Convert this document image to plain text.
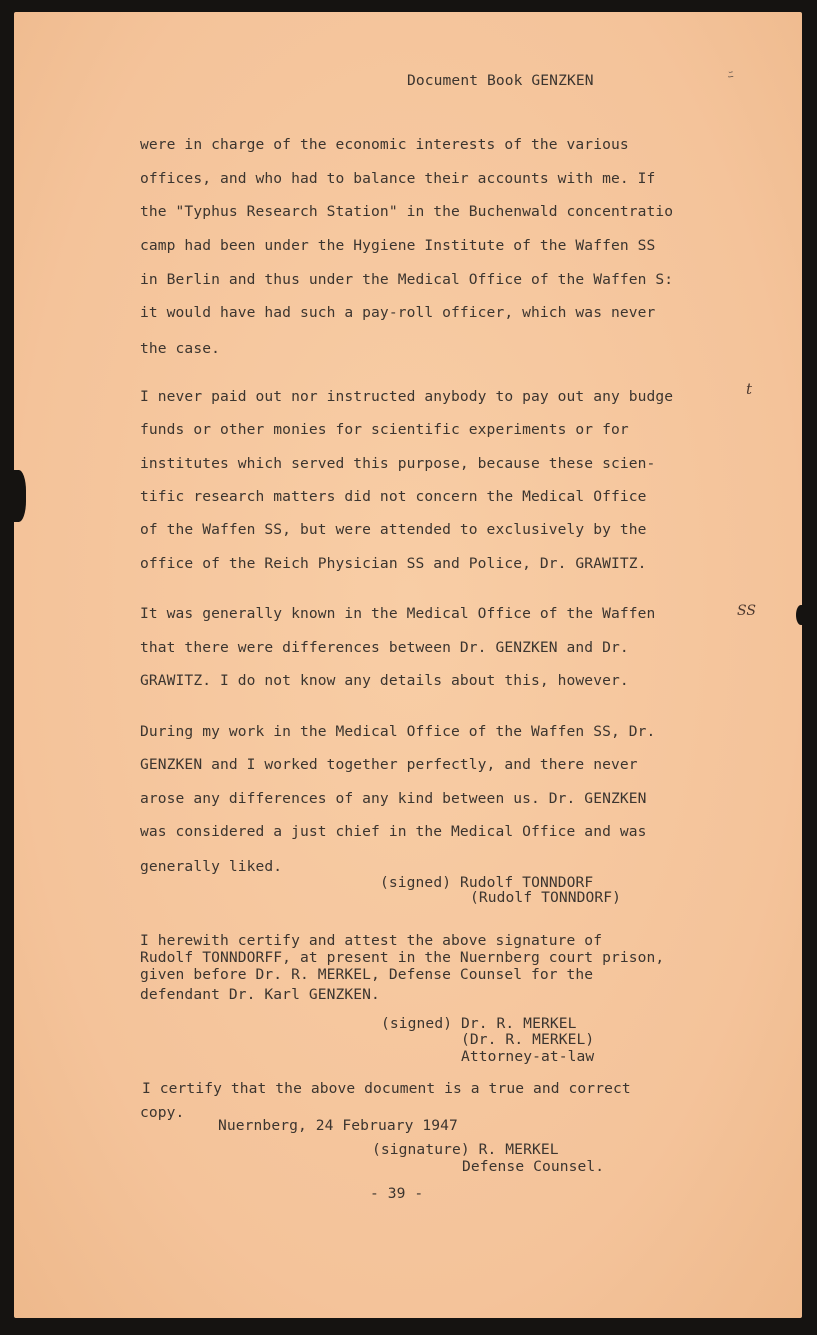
Document Book GENZKEN	ﾆ
were in charge of the economic interests of the various
offices, and who had to balance their accounts with me. If
the "Typhus Research Station" in the Buchenwald concentratio
camp had been under the Hygiene Institute of the Waffen SS
in Berlin and thus under the Medical Office of the Waffen S:
it would have had such a pay-roll officer, which was never
the case.
I never paid out nor instructed anybody to pay out any budge	t
funds or other monies for scientific experiments or for
institutes which served this purpose, because these scien-
tific research matters did not concern the Medical Office
of the Waffen SS, but were attended to exclusively by the
office of the Reich Physician SS and Police, Dr. GRAWITZ.
It was generally known in the Medical Office of the Waffen	SS
that there were differences between Dr. GENZKEN and Dr.
GRAWITZ. I do not know any details about this, however.
During my work in the Medical Office of the Waffen SS, Dr.
GENZKEN and I worked together perfectly, and there never
arose any differences of any kind between us. Dr. GENZKEN
was considered a just chief in the Medical Office and was
generally liked.
(signed) Rudolf TONNDORF
(Rudolf TONNDORF)
I herewith certify and attest the above signature of
Rudolf TONNDORFF, at present in the Nuernberg court prison,
given before Dr. R. MERKEL, Defense Counsel for the
defendant Dr. Karl GENZKEN.
(signed) Dr. R. MERKEL
(Dr. R. MERKEL)
Attorney-at-law
I certify that the above document is a true and correct
copy.
Nuernberg, 24 February 1947
(signature) R. MERKEL
Defense Counsel.
- 39 -
